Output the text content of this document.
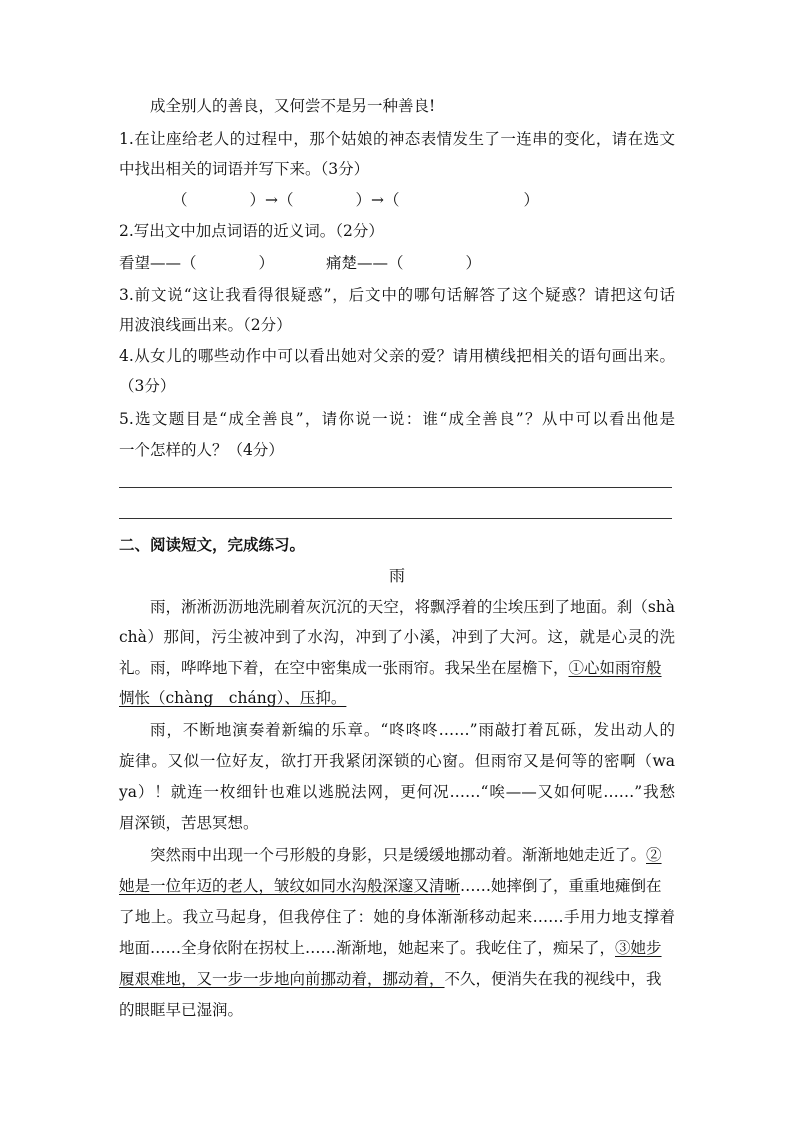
成全别人的善良，又何尝不是另一种善良!
1.在让座给老人的过程中，那个姑娘的神态表情发生了一连串的变化，请在选文
中找出相关的词语并写下来。（3分）
（　　　　）→（　　　　）→（　　　　　　　　）
2.写出文中加点词语的近义词。（2分）
看望——（　　　　）	痛楚——（　　　　）
3.前文说“这让我看得很疑惑”，后文中的哪句话解答了这个疑惑？请把这句话
用波浪线画出来。（2分）
4.从女儿的哪些动作中可以看出她对父亲的爱？请用横线把相关的语句画出来。
（3分）
5.选文题目是“成全善良”，请你说一说：谁“成全善良”？从中可以看出他是
一个怎样的人？（4分）
二、阅读短文，完成练习。
雨
雨，淅淅沥沥地洗刷着灰沉沉的天空，将飘浮着的尘埃压到了地面。刹（shà
chà）那间，污尘被冲到了水沟，冲到了小溪，冲到了大河。这，就是心灵的洗
礼。雨，哗哗地下着，在空中密集成一张雨帘。我呆坐在屋檐下，①心如雨帘般
惆怅（chàng　cháng）、压抑。
雨，不断地演奏着新编的乐章。“咚咚咚……”雨敲打着瓦砾，发出动人的
旋律。又似一位好友，欲打开我紧闭深锁的心窗。但雨帘又是何等的密啊（wa
ya）！就连一枚细针也难以逃脱法网，更何况……“唉——又如何呢……”我愁
眉深锁，苦思冥想。
突然雨中出现一个弓形般的身影，只是缓缓地挪动着。渐渐地她走近了。②
她是一位年迈的老人，皱纹如同水沟般深邃又清晰……她摔倒了，重重地瘫倒在
了地上。我立马起身，但我停住了：她的身体渐渐移动起来……手用力地支撑着
地面……全身依附在拐杖上……渐渐地，她起来了。我屹住了，痴呆了，③她步
履艰难地，又一步一步地向前挪动着，挪动着，不久，便消失在我的视线中，我
的眼眶早已湿润。
